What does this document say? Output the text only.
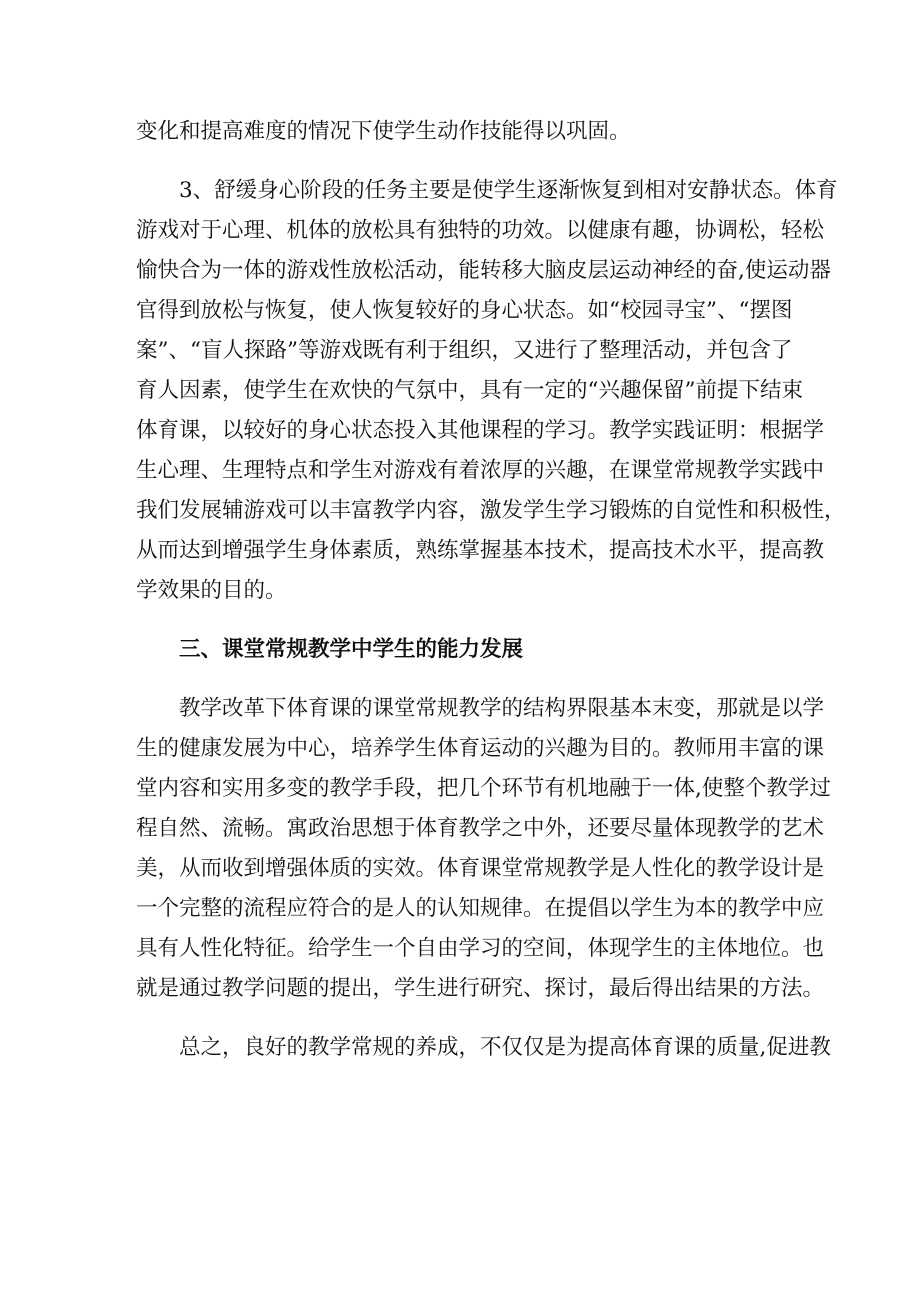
变化和提高难度的情况下使学生动作技能得以巩固。
3、舒缓身心阶段的任务主要是使学生逐渐恢复到相对安静状态。体育
游戏对于心理、机体的放松具有独特的功效。以健康有趣，协调松，轻松
愉快合为一体的游戏性放松活动，能转移大脑皮层运动神经的奋,使运动器
官得到放松与恢复，使人恢复较好的身心状态。如“校园寻宝”、“摆图
案”、“盲人探路”等游戏既有利于组织，又进行了整理活动，并包含了
育人因素，使学生在欢快的气氛中，具有一定的“兴趣保留”前提下结束
体育课，以较好的身心状态投入其他课程的学习。教学实践证明：根据学
生心理、生理特点和学生对游戏有着浓厚的兴趣，在课堂常规教学实践中
我们发展辅游戏可以丰富教学内容，激发学生学习锻炼的自觉性和积极性，
从而达到增强学生身体素质，熟练掌握基本技术，提高技术水平，提高教
学效果的目的。
三、课堂常规教学中学生的能力发展
教学改革下体育课的课堂常规教学的结构界限基本末变，那就是以学
生的健康发展为中心，培养学生体育运动的兴趣为目的。教师用丰富的课
堂内容和实用多变的教学手段，把几个环节有机地融于一体,使整个教学过
程自然、流畅。寓政治思想于体育教学之中外，还要尽量体现教学的艺术
美，从而收到增强体质的实效。体育课堂常规教学是人性化的教学设计是
一个完整的流程应符合的是人的认知规律。在提倡以学生为本的教学中应
具有人性化特征。给学生一个自由学习的空间，体现学生的主体地位。也
就是通过教学问题的提出，学生进行研究、探讨，最后得出结果的方法。
总之，良好的教学常规的养成，不仅仅是为提高体育课的质量,促进教
